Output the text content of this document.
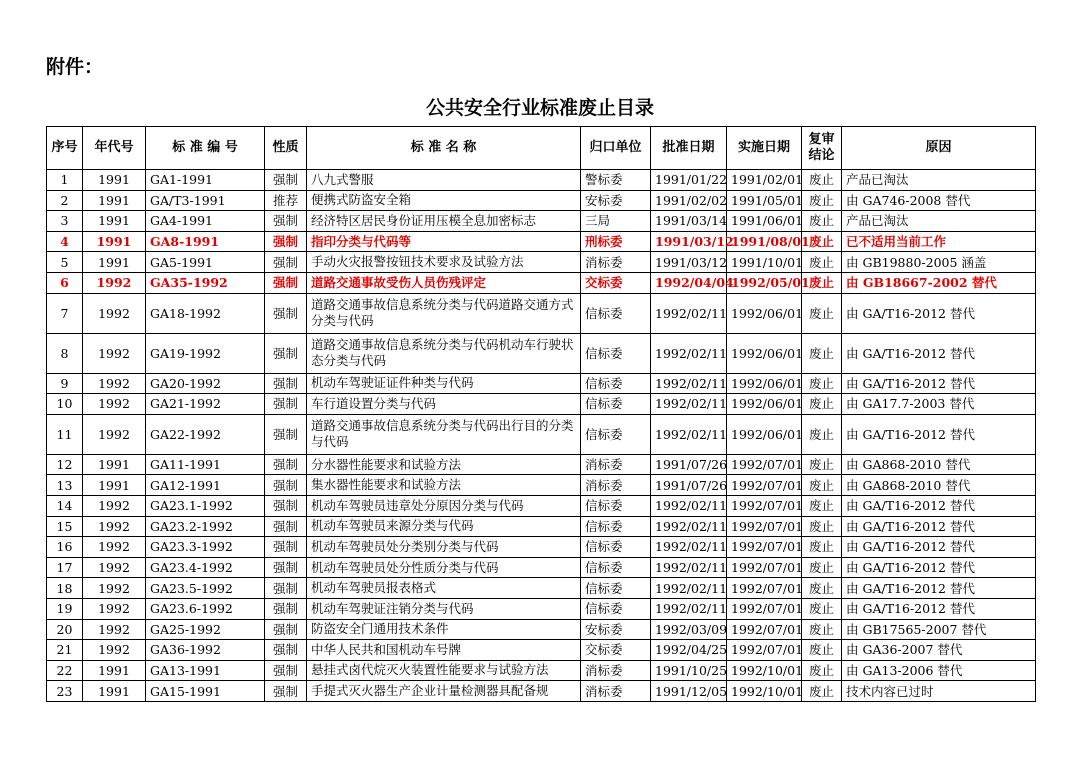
附件：
公共安全行业标准废止目录
序号	年代号	标 准 编 号	性质	标 准 名 称	归口单位	批准日期	实施日期	复审结论	原因
1	1991	GA1-1991	强制	八九式警服	警标委	1991/01/22	1991/02/01	废止	产品已淘汰
2	1991	GA/T3-1991	推荐	便携式防盗安全箱	安标委	1991/02/02	1991/05/01	废止	由 GA746-2008 替代
3	1991	GA4-1991	强制	经济特区居民身份证用压模全息加密标志	三局	1991/03/14	1991/06/01	废止	产品已淘汰
4	1991	GA8-1991	强制	指印分类与代码等	刑标委	1991/03/12	1991/08/01	废止	已不适用当前工作
5	1991	GA5-1991	强制	手动火灾报警按钮技术要求及试验方法	消标委	1991/03/12	1991/10/01	废止	由 GB19880-2005 涵盖
6	1992	GA35-1992	强制	道路交通事故受伤人员伤残评定	交标委	1992/04/04	1992/05/01	废止	由 GB18667-2002 替代
7	1992	GA18-1992	强制	道路交通事故信息系统分类与代码道路交通方式分类与代码	信标委	1992/02/11	1992/06/01	废止	由 GA/T16-2012 替代
8	1992	GA19-1992	强制	道路交通事故信息系统分类与代码机动车行驶状态分类与代码	信标委	1992/02/11	1992/06/01	废止	由 GA/T16-2012 替代
9	1992	GA20-1992	强制	机动车驾驶证证件种类与代码	信标委	1992/02/11	1992/06/01	废止	由 GA/T16-2012 替代
10	1992	GA21-1992	强制	车行道设置分类与代码	信标委	1992/02/11	1992/06/01	废止	由 GA17.7-2003 替代
11	1992	GA22-1992	强制	道路交通事故信息系统分类与代码出行目的分类与代码	信标委	1992/02/11	1992/06/01	废止	由 GA/T16-2012 替代
12	1991	GA11-1991	强制	分水器性能要求和试验方法	消标委	1991/07/26	1992/07/01	废止	由 GA868-2010 替代
13	1991	GA12-1991	强制	集水器性能要求和试验方法	消标委	1991/07/26	1992/07/01	废止	由 GA868-2010 替代
14	1992	GA23.1-1992	强制	机动车驾驶员违章处分原因分类与代码	信标委	1992/02/11	1992/07/01	废止	由 GA/T16-2012 替代
15	1992	GA23.2-1992	强制	机动车驾驶员来源分类与代码	信标委	1992/02/11	1992/07/01	废止	由 GA/T16-2012 替代
16	1992	GA23.3-1992	强制	机动车驾驶员处分类别分类与代码	信标委	1992/02/11	1992/07/01	废止	由 GA/T16-2012 替代
17	1992	GA23.4-1992	强制	机动车驾驶员处分性质分类与代码	信标委	1992/02/11	1992/07/01	废止	由 GA/T16-2012 替代
18	1992	GA23.5-1992	强制	机动车驾驶员报表格式	信标委	1992/02/11	1992/07/01	废止	由 GA/T16-2012 替代
19	1992	GA23.6-1992	强制	机动车驾驶证注销分类与代码	信标委	1992/02/11	1992/07/01	废止	由 GA/T16-2012 替代
20	1992	GA25-1992	强制	防盗安全门通用技术条件	安标委	1992/03/09	1992/07/01	废止	由 GB17565-2007 替代
21	1992	GA36-1992	强制	中华人民共和国机动车号牌	交标委	1992/04/25	1992/07/01	废止	由 GA36-2007 替代
22	1991	GA13-1991	强制	悬挂式卤代烷灭火装置性能要求与试验方法	消标委	1991/10/25	1992/10/01	废止	由 GA13-2006 替代
23	1991	GA15-1991	强制	手提式灭火器生产企业计量检测器具配备规	消标委	1991/12/05	1992/10/01	废止	技术内容已过时
